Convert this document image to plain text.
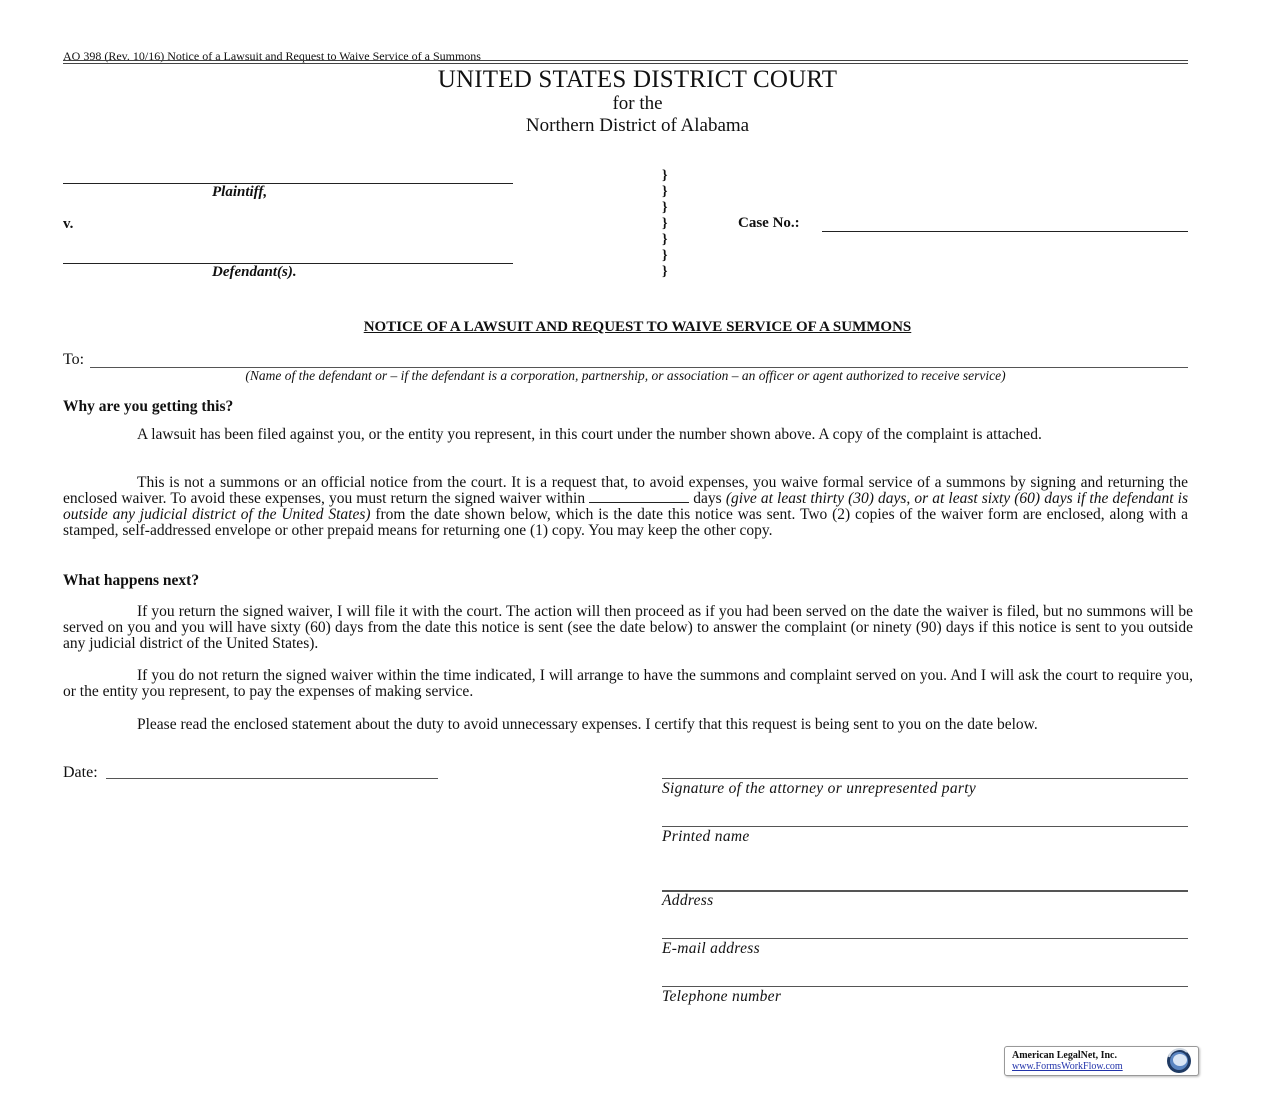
AO 398 (Rev. 10/16) Notice of a Lawsuit and Request to Waive Service of a Summons
UNITED STATES DISTRICT COURT
for the
Northern District of Alabama
Plaintiff,
v.
Defendant(s).
}
}
}
}
}
}
}
Case No.:
NOTICE OF A LAWSUIT AND REQUEST TO WAIVE SERVICE OF A SUMMONS
To:
(Name of the defendant or – if the defendant is a corporation, partnership, or association – an officer or agent authorized to receive service)
Why are you getting this?
A lawsuit has been filed against you, or the entity you represent, in this court under the number shown above. A copy of the complaint is attached.
This is not a summons or an official notice from the court. It is a request that, to avoid expenses, you waive formal service of a summons by signing and returning the enclosed waiver. To avoid these expenses, you must return the signed waiver within	days (give at least thirty (30) days, or at least sixty (60) days if the defendant is outside any judicial district of the United States) from the date shown below, which is the date this notice was sent. Two (2) copies of the waiver form are enclosed, along with a stamped, self-addressed envelope or other prepaid means for returning one (1) copy. You may keep the other copy.
What happens next?
If you return the signed waiver, I will file it with the court. The action will then proceed as if you had been served on the date the waiver is filed, but no summons will be served on you and you will have sixty (60) days from the date this notice is sent (see the date below) to answer the complaint (or ninety (90) days if this notice is sent to you outside any judicial district of the United States).
If you do not return the signed waiver within the time indicated, I will arrange to have the summons and complaint served on you. And I will ask the court to require you, or the entity you represent, to pay the expenses of making service.
Please read the enclosed statement about the duty to avoid unnecessary expenses. I certify that this request is being sent to you on the date below.
Date:
Signature of the attorney or unrepresented party
Printed name
Address
E-mail address
Telephone number
American LegalNet, Inc.
www.FormsWorkFlow.com
